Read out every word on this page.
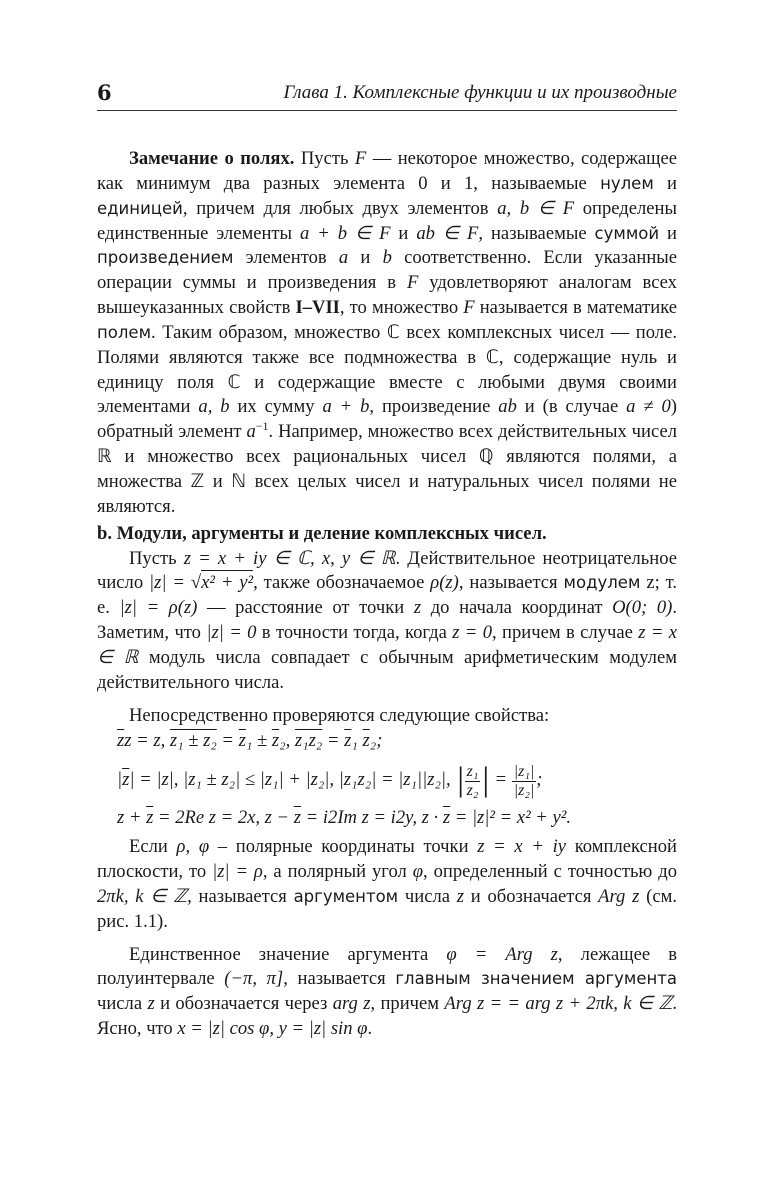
6	Глава 1. Комплексные функции и их производные

Замечание о полях. Пусть F — некоторое множество, содержащее как минимум два разных элемента 0 и 1, называемые нулем и единицей, причем для любых двух элементов a, b ∈ F определены единственные элементы a + b ∈ F и ab ∈ F, называемые суммой и произведением элементов a и b соответственно. Если указанные операции суммы и произведения в F удовлетворяют аналогам всех вышеуказанных свойств I–VII, то множество F называется в математике полем. Таким образом, множество ℂ всех комплексных чисел — поле. Полями являются также все подмножества в ℂ, содержащие нуль и единицу поля ℂ и содержащие вместе с любыми двумя своими элементами a, b их сумму a + b, произведение ab и (в случае a ≠ 0) обратный элемент $a^{-1}$. Например, множество всех действительных чисел ℝ и множество всех рациональных чисел ℚ являются полями, а множества ℤ и ℕ всех целых чисел и натуральных чисел полями не являются.

b. Модули, аргументы и деление комплексных чисел.

Пусть z = x + iy ∈ ℂ, x, y ∈ ℝ. Действительное неотрицательное число |z| = √x² + y², также обозначаемое ρ(z), называется модулем z; т. е. |z| = ρ(z) — расстояние от точки z до начала координат O(0; 0). Заметим, что |z| = 0 в точности тогда, когда z = 0, причем в случае z = x ∈ ℝ модуль числа совпадает с обычным арифметическим модулем действительного числа.

Непосредственно проверяются следующие свойства:

zz = z, $z_1 \pm z_2 = \overline{z}_1 \pm \overline{z}_2$, $z_1z_2 = \overline{z}_1$ $\overline{z}_2$;
$|\overline{z}| = |z|$, |z₁ ± z₂| ≤ |z₁| + |z₂|, |z₁z₂| = |z₁||z₂|, | $\frac{\text{z₁}}{\text{z₂}}$ | = $\frac{\text{|z₁|}}{\text{|z₂|}}$ ;
$z + \overline{z} = 2Re$ z = 2x, $z - \overline{z} = i2Im$ z = i2y, $z \cdot \overline{z} = |z|^2 = x^2 + y^2$.

Если ρ, φ – полярные координаты точки z = x + iy комплексной плоскости, то |z| = ρ, а полярный угол φ, определенный с точностью до 2πk, k ∈ ℤ, называется аргументом числа z и обозначается Arg z (см. рис. 1.1).

Единственное значение аргумента φ = Arg z, лежащее в полуинтервале (−π, π], называется главным значением аргумента числа z и обозначается через arg z, причем Arg z = = arg z + 2πk, k ∈ ℤ. Ясно, что x = |z| cos φ, y = |z| sin φ.
